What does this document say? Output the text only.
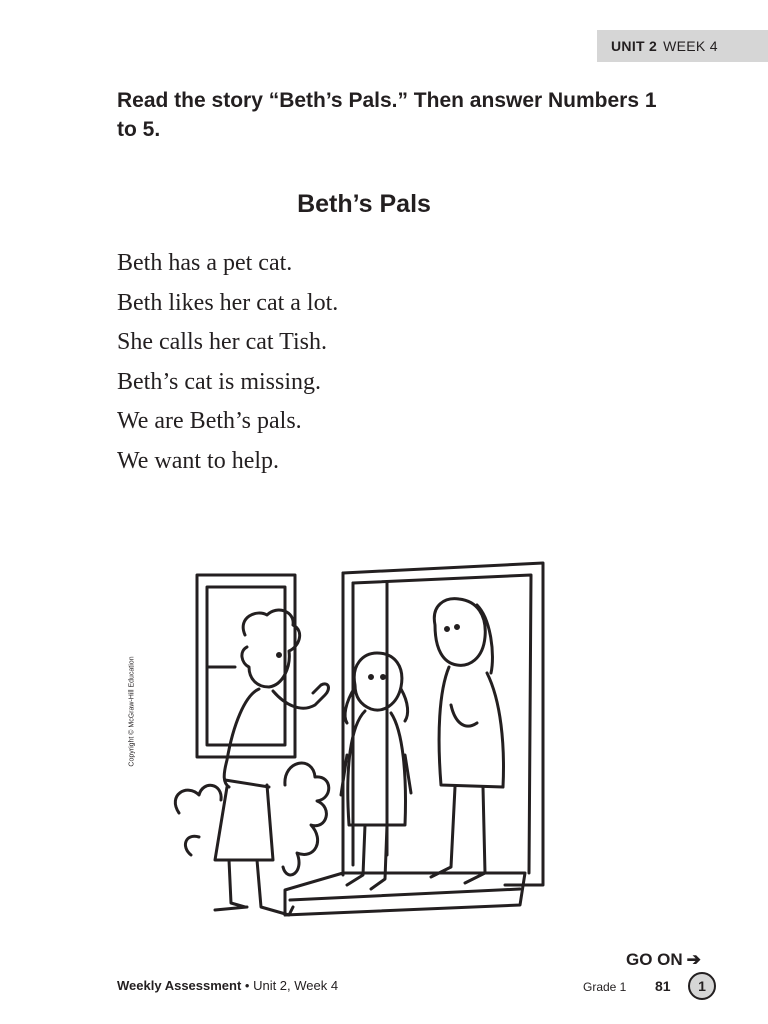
UNIT 2 WEEK 4

Read the story “Beth’s Pals.” Then answer Numbers 1 to 5.

Beth’s Pals
Beth has a pet cat.
Beth likes her cat a lot.
She calls her cat Tish.
Beth’s cat is missing.
We are Beth’s pals.
We want to help.
Copyright © McGraw-Hill Education
GO ON ➔
Weekly Assessment • Unit 2, Week 4	Grade 1 81	1
